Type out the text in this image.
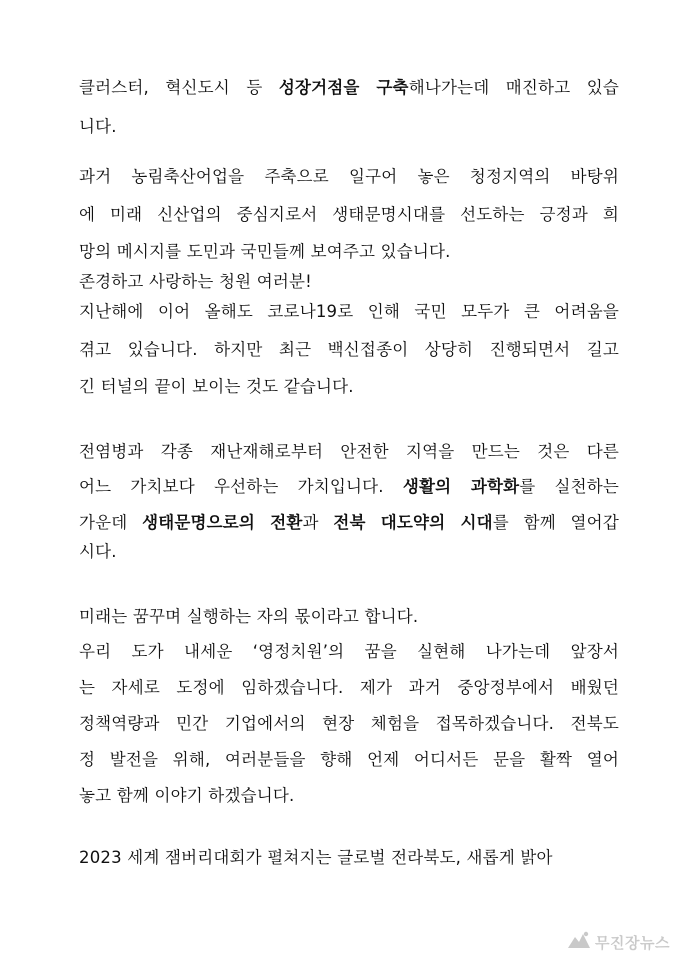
클러스터, 혁신도시 등 성장거점을 구축해나가는데 매진하고 있습
니다.
과거 농림축산어업을 주축으로 일구어 놓은 청정지역의 바탕위
에 미래 신산업의 중심지로서 생태문명시대를 선도하는 긍정과 희
망의 메시지를 도민과 국민들께 보여주고 있습니다.
존경하고 사랑하는 청원 여러분!
지난해에 이어 올해도 코로나19로 인해 국민 모두가 큰 어려움을
겪고 있습니다. 하지만 최근 백신접종이 상당히 진행되면서 길고
긴 터널의 끝이 보이는 것도 같습니다.
전염병과 각종 재난재해로부터 안전한 지역을 만드는 것은 다른
어느 가치보다 우선하는 가치입니다. 생활의 과학화를 실천하는
가운데 생태문명으로의 전환과 전북 대도약의 시대를 함께 열어갑
시다.
미래는 꿈꾸며 실행하는 자의 몫이라고 합니다.
우리 도가 내세운 ‘영정치원’의 꿈을 실현해 나가는데 앞장서
는 자세로 도정에 임하겠습니다. 제가 과거 중앙정부에서 배웠던
정책역량과 민간 기업에서의 현장 체험을 접목하겠습니다. 전북도
정 발전을 위해, 여러분들을 향해 언제 어디서든 문을 활짝 열어
놓고 함께 이야기 하겠습니다.
2023 세계 잼버리대회가 펼쳐지는 글로벌 전라북도, 새롭게 밝아
무진장뉴스
